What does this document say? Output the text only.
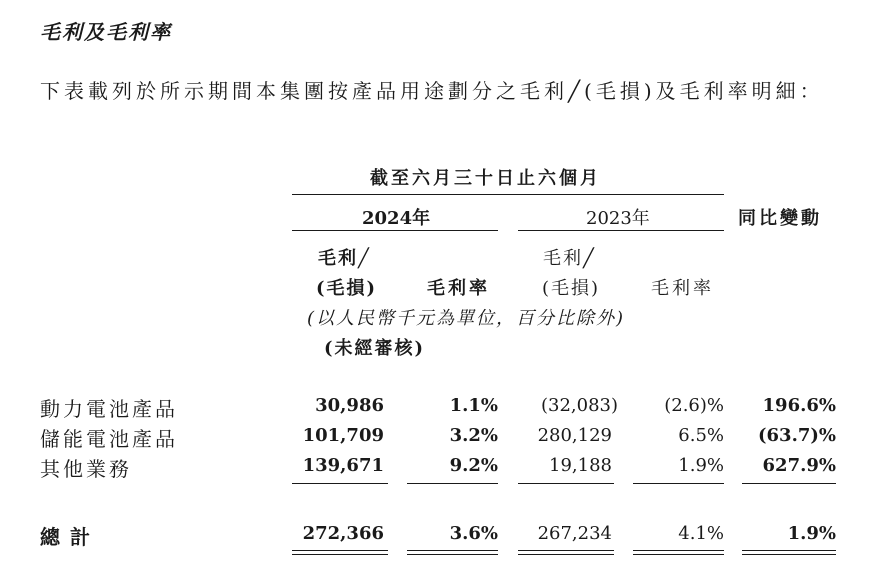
毛利及毛利率
下表載列於所示期間本集團按產品用途劃分之毛利╱(毛損)及毛利率明細：
截至六月三十日止六個月
2024年	2023年	同比變動
毛利╱	毛利╱
(毛損)	毛利率	(毛損)	毛利率
(以人民幣千元為單位，百分比除外)
(未經審核)
動力電池產品	30,986	1.1% (32,083)	(2.6)% 196.6%
儲能電池產品	101,709	3.2% 280,129	6.5% (63.7)%
其他業務	139,671	9.2%	19,188	1.9% 627.9%
總計	272,366	3.6% 267,234	4.1%	1.9%
